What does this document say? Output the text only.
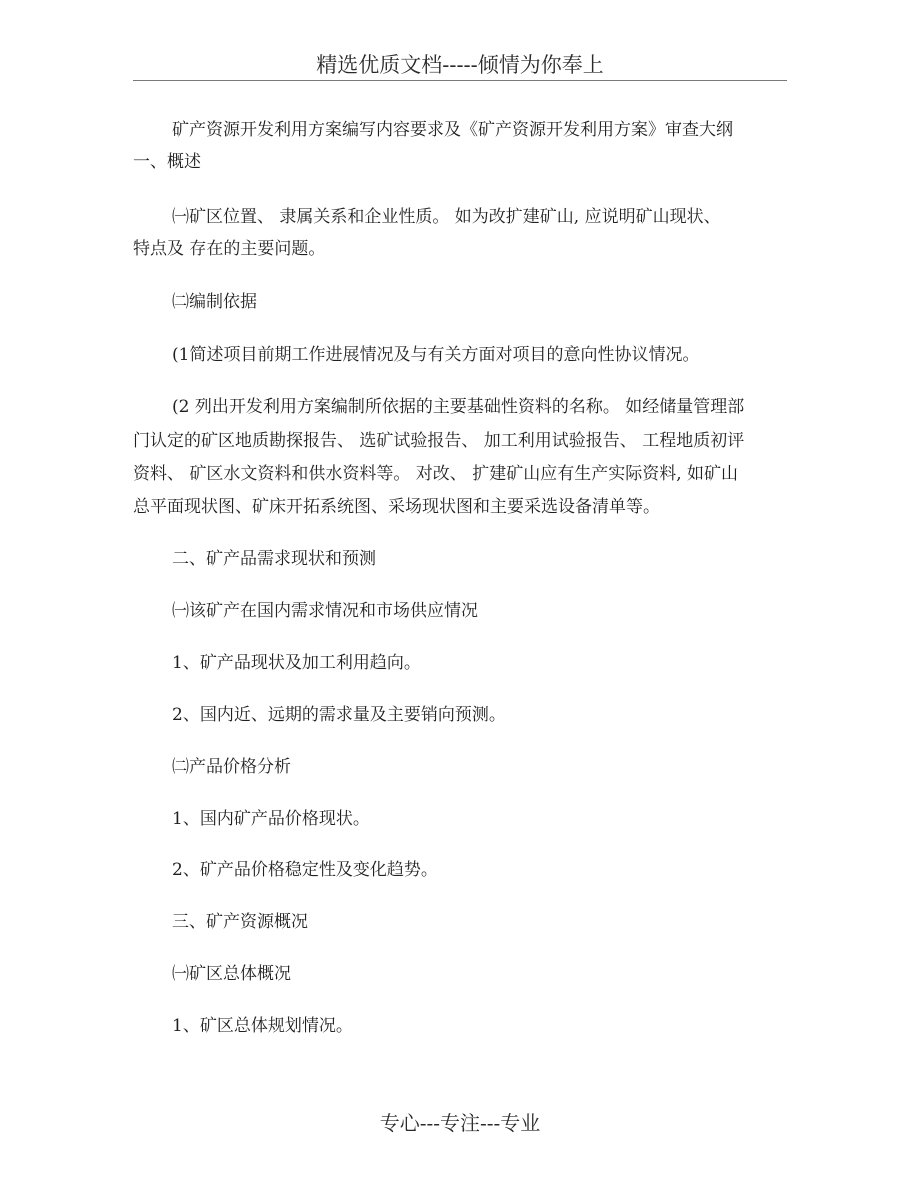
精选优质文档-----倾情为你奉上
矿产资源开发利用方案编写内容要求及《矿产资源开发利用方案》审查大纲
一、概述
㈠矿区位置、 隶属关系和企业性质。 如为改扩建矿山, 应说明矿山现状、
特点及 存在的主要问题。
㈡编制依据
(1简述项目前期工作进展情况及与有关方面对项目的意向性协议情况。
(2 列出开发利用方案编制所依据的主要基础性资料的名称。 如经储量管理部
门认定的矿区地质勘探报告、 选矿试验报告、 加工利用试验报告、 工程地质初评
资料、 矿区水文资料和供水资料等。 对改、 扩建矿山应有生产实际资料, 如矿山
总平面现状图、矿床开拓系统图、采场现状图和主要采选设备清单等。
二、矿产品需求现状和预测
㈠该矿产在国内需求情况和市场供应情况
1、矿产品现状及加工利用趋向。
2、国内近、远期的需求量及主要销向预测。
㈡产品价格分析
1、国内矿产品价格现状。
2、矿产品价格稳定性及变化趋势。
三、矿产资源概况
㈠矿区总体概况
1、矿区总体规划情况。
专心---专注---专业
